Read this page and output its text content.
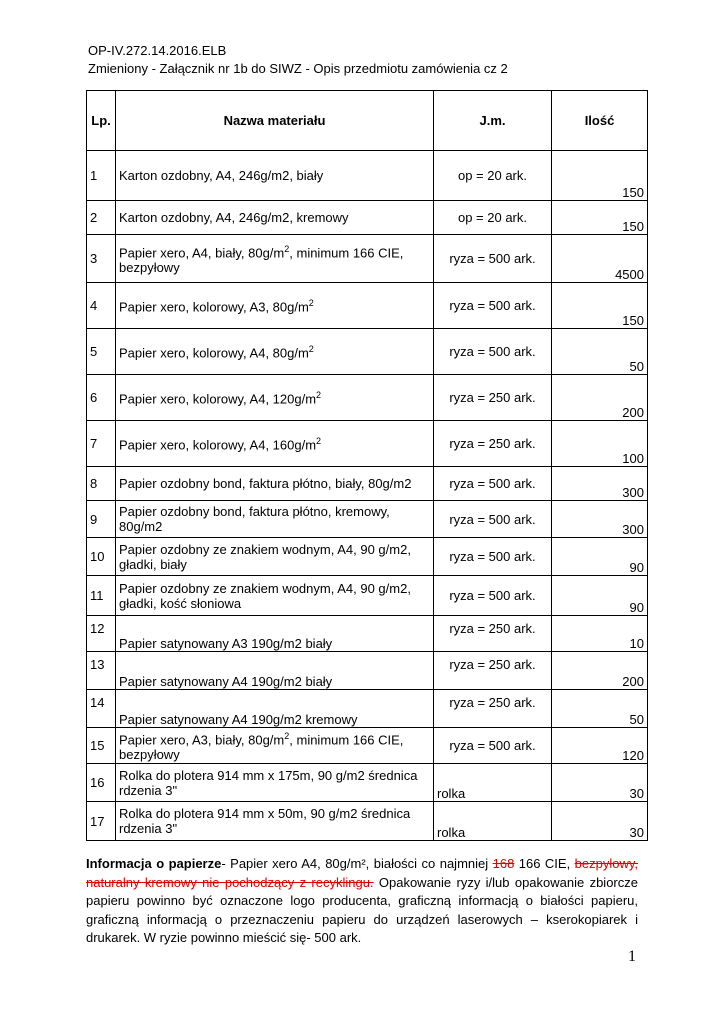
OP-IV.272.14.2016.ELB
Zmieniony - Załącznik nr 1b do SIWZ - Opis przedmiotu zamówienia cz 2
Lp.	Nazwa materiału	J.m.	Ilość
1	Karton ozdobny, A4, 246g/m2, biały	op = 20 ark.	150
2	Karton ozdobny, A4, 246g/m2, kremowy	op = 20 ark.	150
3	Papier xero, A4, biały, $80g/m^2$, minimum 166 CIE, bezpyłowy	ryza = 500 ark.	4500
4	Papier xero, kolorowy, A3, $80g/m^2$	ryza = 500 ark.	150
5	Papier xero, kolorowy, A4, $80g/m^2$	ryza = 500 ark.	50
6	Papier xero, kolorowy, A4, $120g/m^2$	ryza = 250 ark.	200
7	Papier xero, kolorowy, A4, $160g/m^2$	ryza = 250 ark.	100
8	Papier ozdobny bond, faktura płótno, biały, 80g/m2	ryza = 500 ark.	300
9	Papier ozdobny bond, faktura płótno, kremowy, 80g/m2	ryza = 500 ark.	300
10	Papier ozdobny ze znakiem wodnym, A4, 90 g/m2, gładki, biały	ryza = 500 ark.	90
11	Papier ozdobny ze znakiem wodnym, A4, 90 g/m2, gładki, kość słoniowa	ryza = 500 ark.	90
12	Papier satynowany A3 190g/m2 biały	ryza = 250 ark.	10
13	Papier satynowany A4 190g/m2 biały	ryza = 250 ark.	200
14	Papier satynowany A4 190g/m2 kremowy	ryza = 250 ark.	50
15	Papier xero, A3, biały, $80g/m^2$, minimum 166 CIE, bezpyłowy	ryza = 500 ark.	120
16	Rolka do plotera 914 mm x 175m, 90 g/m2 średnica rdzenia 3"	rolka	30
17	Rolka do plotera 914 mm x 50m, 90 g/m2 średnica rdzenia 3"	rolka	30
Informacja o papierze- Papier xero A4, 80g/m², białości co najmniej 168 166 CIE, bezpyłowy, naturalny kremowy nie pochodzący z recyklingu. Opakowanie ryzy i/lub opakowanie zbiorcze papieru powinno być oznaczone logo producenta, graficzną informacją o białości papieru, graficzną informacją o przeznaczeniu papieru do urządzeń laserowych – kserokopiarek i drukarek. W ryzie powinno mieścić się- 500 ark.
1
